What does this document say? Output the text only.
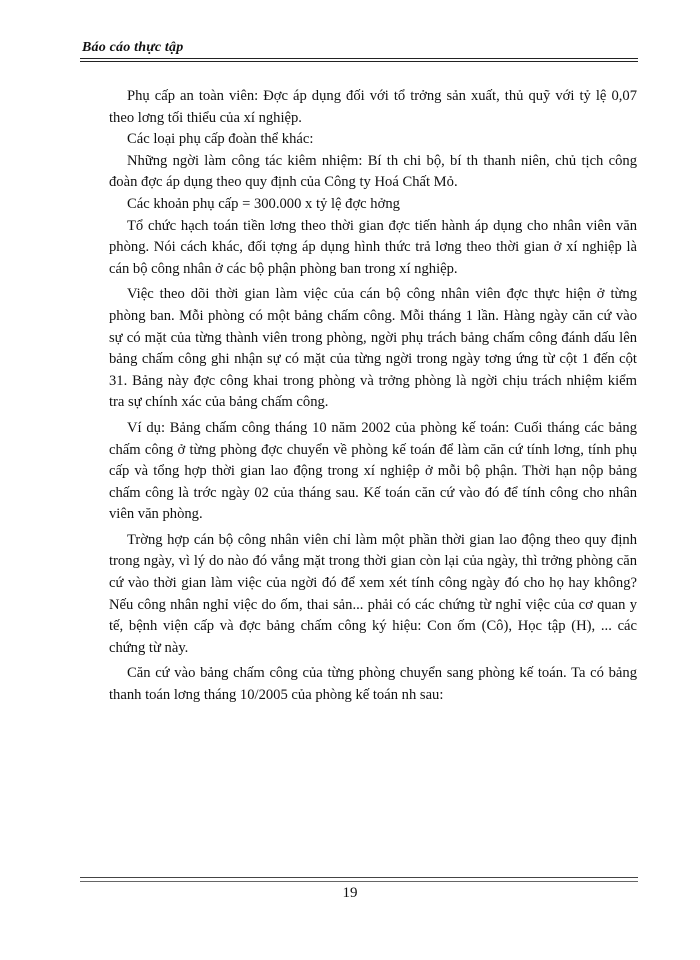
Báo cáo thực tập

Phụ cấp an toàn viên: Đợc áp dụng đối với tổ trởng sản xuất, thủ quỹ với tỷ lệ 0,07 theo lơng tối thiểu của xí nghiệp.

Các loại phụ cấp đoàn thể khác:

Những ngời làm công tác kiêm nhiệm: Bí th chi bộ, bí th thanh niên, chủ tịch công đoàn đợc áp dụng theo quy định của Công ty Hoá Chất Mỏ.

Các khoản phụ cấp = 300.000 x tỷ lệ đợc hởng

Tổ chức hạch toán tiền lơng theo thời gian đợc tiến hành áp dụng cho nhân viên văn phòng. Nói cách khác, đối tợng áp dụng hình thức trả lơng theo thời gian ở xí nghiệp là cán bộ công nhân ở các bộ phận phòng ban trong xí nghiệp.

Việc theo dõi thời gian làm việc của cán bộ công nhân viên đợc thực hiện ở từng phòng ban. Mỗi phòng có một bảng chấm công. Mỗi tháng 1 lần. Hàng ngày căn cứ vào sự có mặt của từng thành viên trong phòng, ngời phụ trách bảng chấm công đánh dấu lên bảng chấm công ghi nhận sự có mặt của từng ngời trong ngày tơng ứng từ cột 1 đến cột 31. Bảng này đợc công khai trong phòng và trởng phòng là ngời chịu trách nhiệm kiểm tra sự chính xác của bảng chấm công.

Ví dụ: Bảng chấm công tháng 10 năm 2002 của phòng kế toán: Cuối tháng các bảng chấm công ở từng phòng đợc chuyển về phòng kế toán để làm căn cứ tính lơng, tính phụ cấp và tổng hợp thời gian lao động trong xí nghiệp ở mỗi bộ phận. Thời hạn nộp bảng chấm công là trớc ngày 02 của tháng sau. Kế toán căn cứ vào đó để tính công cho nhân viên văn phòng.

Trờng hợp cán bộ công nhân viên chỉ làm một phần thời gian lao động theo quy định trong ngày, vì lý do nào đó vắng mặt trong thời gian còn lại của ngày, thì trởng phòng căn cứ vào thời gian làm việc của ngời đó để xem xét tính công ngày đó cho họ hay không? Nếu công nhân nghỉ việc do ốm, thai sản... phải có các chứng từ nghỉ việc của cơ quan y tế, bệnh viện cấp và đợc bảng chấm công ký hiệu: Con ốm (Cô), Học tập (H), ... các chứng từ này.

Căn cứ vào bảng chấm công của từng phòng chuyển sang phòng kế toán. Ta có bảng thanh toán lơng tháng 10/2005 của phòng kế toán nh sau:

19
